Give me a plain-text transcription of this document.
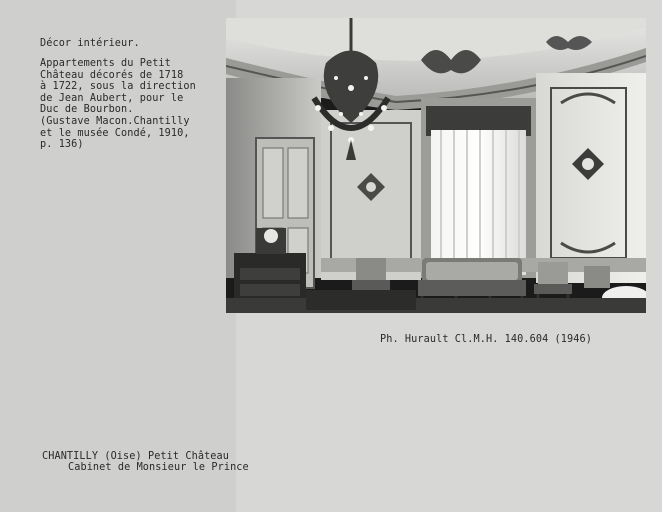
Décor intérieur.
Appartements du Petit
Château décorés de 1718
à 1722, sous la direction
de Jean Aubert, pour le
Duc de Bourbon.
(Gustave Macon.Chantilly
et le musée Condé, 1910,
p. 136)
Ph. Hurault Cl.M.H. 140.604 (1946)
CHANTILLY (Oise) Petit Château
Cabinet de Monsieur le Prince
